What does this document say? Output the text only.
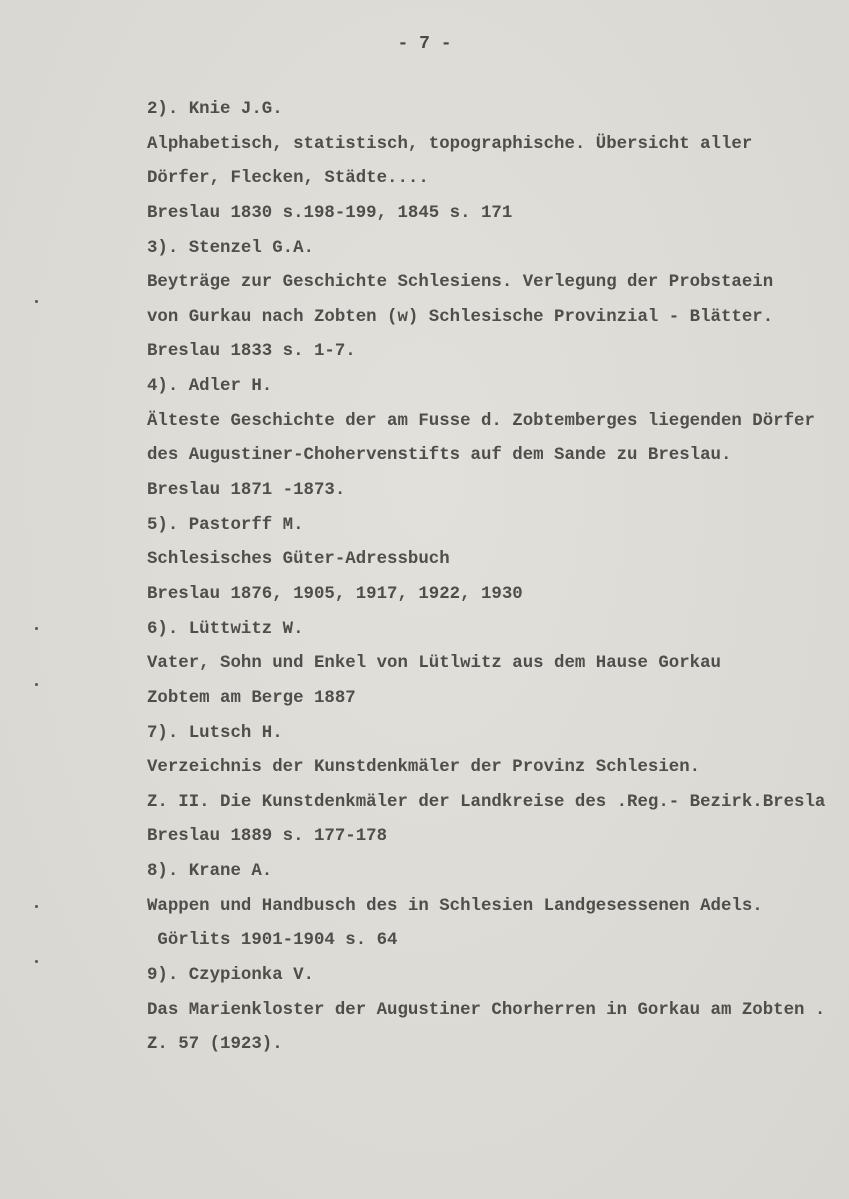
- 7 -
2). Knie J.G.
Alphabetisch, statistisch, topographische. Übersicht aller
Dörfer, Flecken, Städte....
Breslau 1830 s.198-199, 1845 s. 171
3). Stenzel G.A.
Beyträge zur Geschichte Schlesiens. Verlegung der Probstaein
von Gurkau nach Zobten (w) Schlesische Provinzial - Blätter.
Breslau 1833 s. 1-7.
4). Adler H.
Älteste Geschichte der am Fusse d. Zobtemberges liegenden Dörfer
des Augustiner-Chohervenstifts auf dem Sande zu Breslau.
Breslau 1871 -1873.
5). Pastorff M.
Schlesisches Güter-Adressbuch
Breslau 1876, 1905, 1917, 1922, 1930
6). Lüttwitz W.
Vater, Sohn und Enkel von Lütlwitz aus dem Hause Gorkau
Zobtem am Berge 1887
7). Lutsch H.
Verzeichnis der Kunstdenkmäler der Provinz Schlesien.
Z. II. Die Kunstdenkmäler der Landkreise des .Reg.- Bezirk.Bresla
Breslau 1889 s. 177-178
8). Krane A.
Wappen und Handbusch des in Schlesien Landgesessenen Adels.
Görlits 1901-1904 s. 64
9). Czypionka V.
Das Marienkloster der Augustiner Chorherren in Gorkau am Zobten .
Z. 57 (1923).
